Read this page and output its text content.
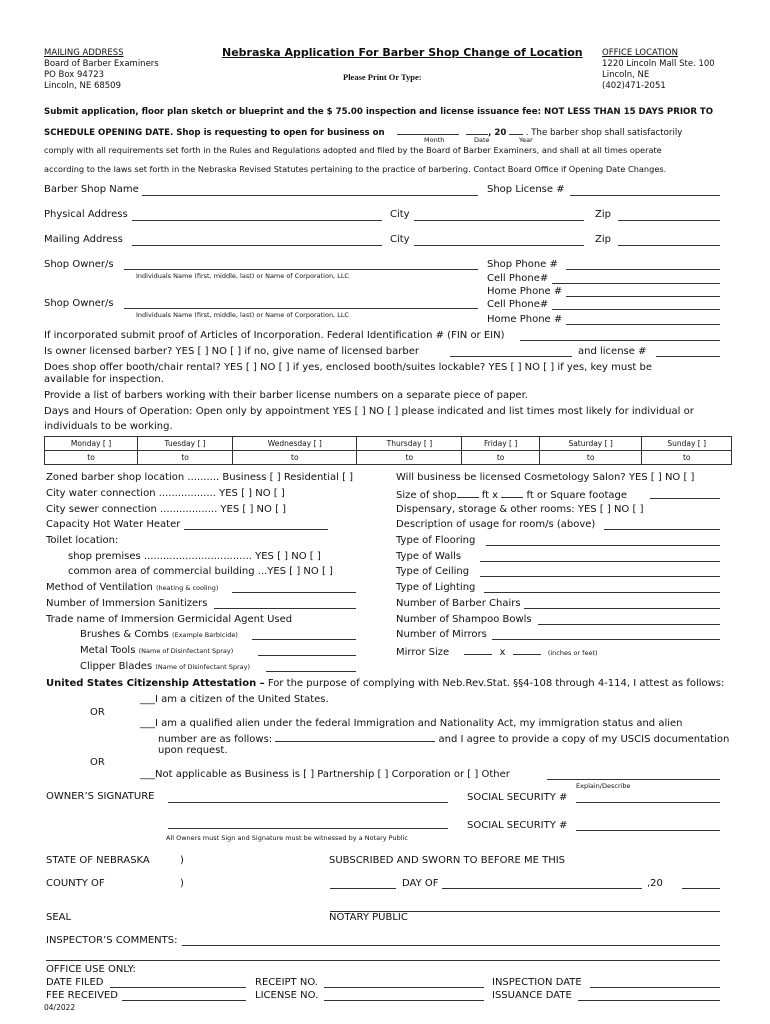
MAILING ADDRESS
Board of Barber Examiners
PO Box 94723
Lincoln, NE 68509
Nebraska Application For Barber Shop Change of Location
Please Print Or Type:
OFFICE LOCATION
1220 Lincoln Mall Ste. 100
Lincoln, NE
(402)471-2051
Submit application, floor plan sketch or blueprint and the $ 75.00 inspection and license issuance fee: NOT LESS THAN 15 DAYS PRIOR TO
SCHEDULE OPENING DATE. Shop is requesting to open for business on	, 20 . The barber shop shall satisfactorily
Month	Date	Year
comply with all requirements set forth in the Rules and Regulations adopted and filed by the Board of Barber Examiners, and shall at all times operate
according to the laws set forth in the Nebraska Revised Statutes pertaining to the practice of barbering. Contact Board Office if Opening Date Changes.
Barber Shop Name	Shop License #
Physical Address	City	Zip
Mailing Address	City	Zip
Shop Owner/s
Individuals Name (first, middle, last) or Name of Corporation, LLC
Shop Phone #
Cell Phone#
Home Phone #
Shop Owner/s
Individuals Name (first, middle, last) or Name of Corporation, LLC
Cell Phone#
Home Phone #
If incorporated submit proof of Articles of Incorporation. Federal Identification # (FIN or EIN)
Is owner licensed barber? YES [ ] NO [ ] if no, give name of licensed barber	and license #
Does shop offer booth/chair rental? YES [ ] NO [ ] if yes, enclosed booth/suites lockable? YES [ ] NO [ ] if yes, key must be
available for inspection.
Provide a list of barbers working with their barber license numbers on a separate piece of paper.
Days and Hours of Operation: Open only by appointment YES [ ] NO [ ] please indicated and list times most likely for individual or
individuals to be working.
Monday [ ]	Tuesday [ ]	Wednesday [ ]	Thursday [ ]	Friday [ ]	Saturday [ ]	Sunday [ ]
to	to	to	to	to	to	to
Zoned barber shop location .......... Business [ ] Residential [ ]
City water connection .................. YES [ ] NO [ ]
City sewer connection .................. YES [ ] NO [ ]
Capacity Hot Water Heater
Toilet location:
shop premises .................................. YES [ ] NO [ ]
common area of commercial building ...YES [ ] NO [ ]
Method of Ventilation (heating & cooling)
Number of Immersion Sanitizers
Trade name of Immersion Germicidal Agent Used
Brushes & Combs (Example Barbicide)
Metal Tools (Name of Disinfectant Spray)
Clipper Blades (Name of Disinfectant Spray)
Will business be licensed Cosmetology Salon? YES [ ] NO [ ]
Size of shop	ft x	ft or Square footage
Dispensary, storage & other rooms: YES [ ] NO [ ]
Description of usage for room/s (above)
Type of Flooring
Type of Walls
Type of Ceiling
Type of Lighting
Number of Barber Chairs
Number of Shampoo Bowls
Number of Mirrors
Mirror Size	x	(inches or feet)
United States Citizenship Attestation – For the purpose of complying with Neb.Rev.Stat. §§4-108 through 4-114, I attest as follows:
___I am a citizen of the United States.
OR
___I am a qualified alien under the federal Immigration and Nationality Act, my immigration status and alien
number are as follows:	and I agree to provide a copy of my USCIS documentation
upon request.
OR
___Not applicable as Business is [ ] Partnership [ ] Corporation or [ ] Other
Explain/Describe
OWNER’S SIGNATURE	SOCIAL SECURITY #
SOCIAL SECURITY #
All Owners must Sign and Signature must be witnessed by a Notary Public
STATE OF NEBRASKA	)	SUBSCRIBED AND SWORN TO BEFORE ME THIS
COUNTY OF	)	DAY OF	,20
SEAL	NOTARY PUBLIC
INSPECTOR’S COMMENTS:
OFFICE USE ONLY:
DATE FILED	RECEIPT NO.	INSPECTION DATE
FEE RECEIVED	LICENSE NO.	ISSUANCE DATE
04/2022
